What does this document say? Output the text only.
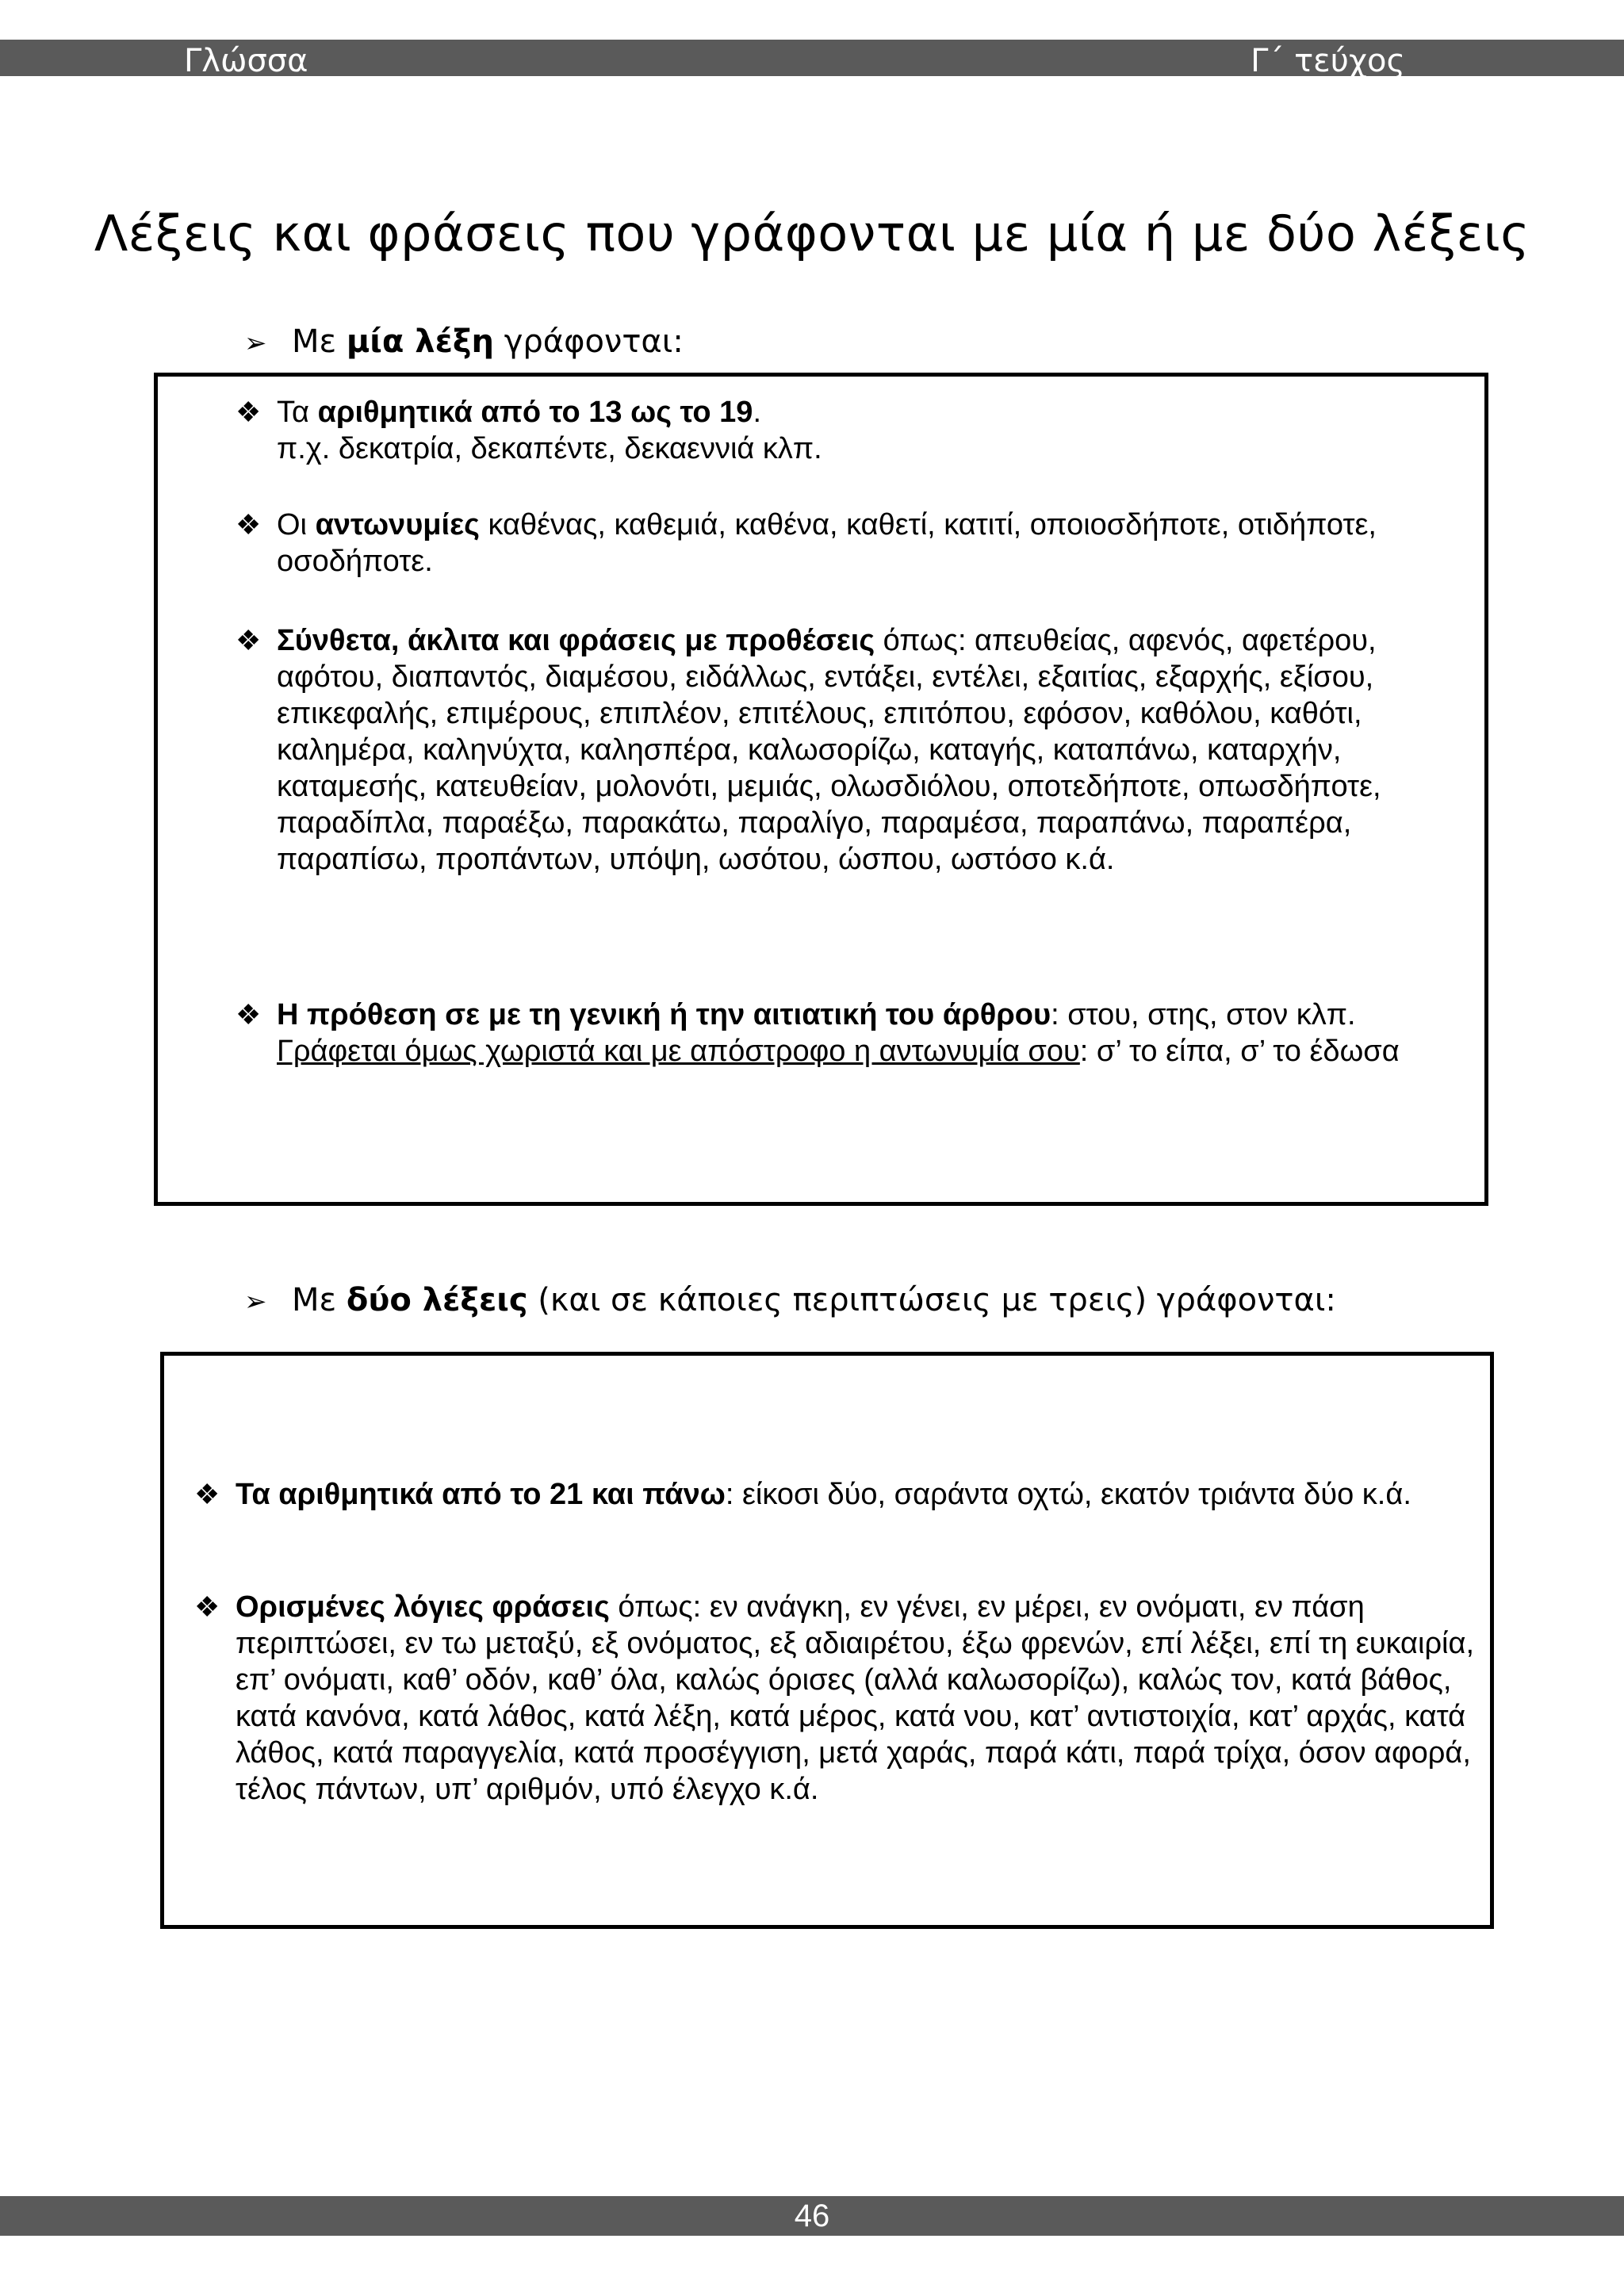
Γλώσσα	Γ΄ τεύχος
Λέξεις και φράσεις που γράφονται με μία ή με δύο λέξεις
➢ Με μία λέξη γράφονται:
❖ Τα αριθμητικά από το 13 ως το 19.
π.χ. δεκατρία, δεκαπέντε, δεκαεννιά κλπ.
❖ Οι αντωνυμίες καθένας, καθεμιά, καθένα, καθετί, κατιτί, οποιοσδήποτε, οτιδήποτε, οσοδήποτε.
❖ Σύνθετα, άκλιτα και φράσεις με προθέσεις όπως: απευθείας, αφενός, αφετέρου, αφότου, διαπαντός, διαμέσου, ειδάλλως, εντάξει, εντέλει, εξαιτίας, εξαρχής, εξίσου, επικεφαλής, επιμέρους, επιπλέον, επιτέλους, επιτόπου, εφόσον, καθόλου, καθότι, καλημέρα, καληνύχτα, καλησπέρα, καλωσορίζω, καταγής, καταπάνω, καταρχήν, καταμεσής, κατευθείαν, μολονότι, μεμιάς, ολωσδιόλου, οποτεδήποτε, οπωσδήποτε, παραδίπλα, παραέξω, παρακάτω, παραλίγο, παραμέσα, παραπάνω, παραπέρα, παραπίσω, προπάντων, υπόψη, ωσότου, ώσπου, ωστόσο κ.ά.
❖ Η πρόθεση σε με τη γενική ή την αιτιατική του άρθρου: στου, στης, στον κλπ.
Γράφεται όμως χωριστά και με απόστροφο η αντωνυμία σου: σ’ το είπα, σ’ το έδωσα
➢ Με δύο λέξεις (και σε κάποιες περιπτώσεις με τρεις) γράφονται:
❖ Τα αριθμητικά από το 21 και πάνω: είκοσι δύο, σαράντα οχτώ, εκατόν τριάντα δύο κ.ά.
❖ Ορισμένες λόγιες φράσεις όπως: εν ανάγκη, εν γένει, εν μέρει, εν ονόματι, εν πάση περιπτώσει, εν τω μεταξύ, εξ ονόματος, εξ αδιαιρέτου, έξω φρενών, επί λέξει, επί τη ευκαιρία, επ’ ονόματι, καθ’ οδόν, καθ’ όλα, καλώς όρισες (αλλά καλωσορίζω), καλώς τον, κατά βάθος, κατά κανόνα, κατά λάθος, κατά λέξη, κατά μέρος, κατά νου, κατ’ αντιστοιχία, κατ’ αρχάς, κατά λάθος, κατά παραγγελία, κατά προσέγγιση, μετά χαράς, παρά κάτι, παρά τρίχα, όσον αφορά, τέλος πάντων, υπ’ αριθμόν, υπό έλεγχο κ.ά.
46
